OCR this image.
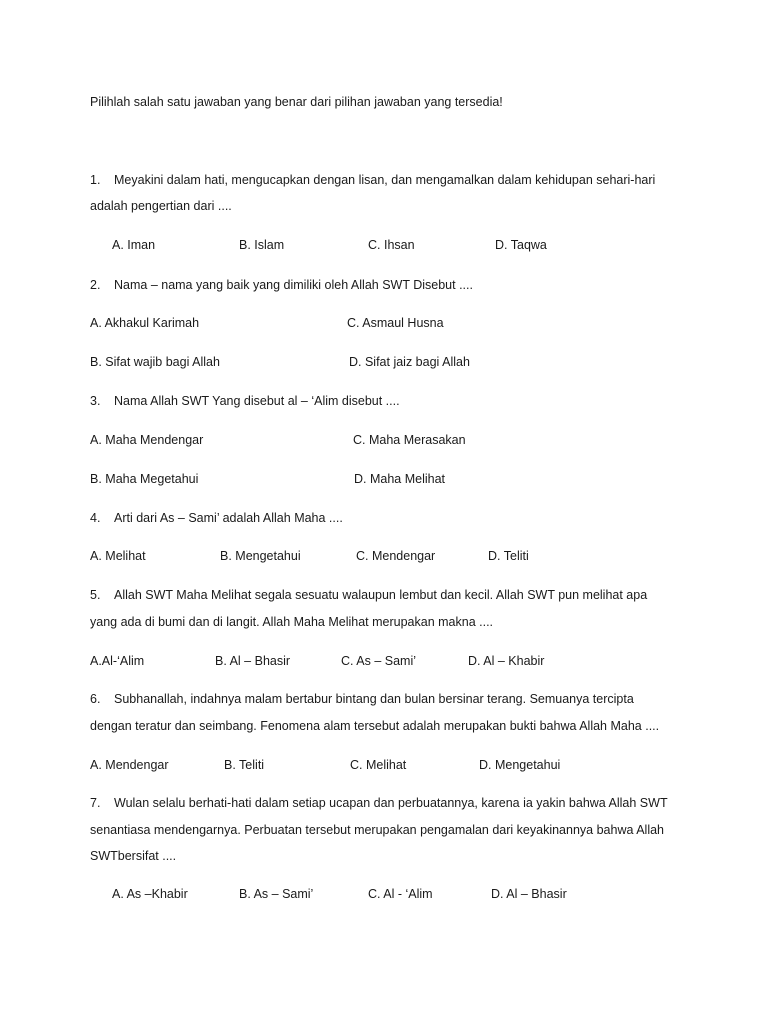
Pilihlah salah satu jawaban yang benar dari pilihan jawaban yang tersedia!
1. Meyakini dalam hati, mengucapkan dengan lisan, dan mengamalkan dalam kehidupan sehari-hari
adalah pengertian dari ....
A. Iman	B. Islam	C. Ihsan	D. Taqwa
2. Nama – nama yang baik yang dimiliki oleh Allah SWT Disebut ....
A. Akhakul Karimah	C. Asmaul Husna
B. Sifat wajib bagi Allah	D. Sifat jaiz bagi Allah
3. Nama Allah SWT Yang disebut al – ‘Alim disebut ....
A. Maha Mendengar	C. Maha Merasakan
B. Maha Megetahui	D. Maha Melihat
4. Arti dari As – Sami’ adalah Allah Maha ....
A. Melihat	B. Mengetahui	C. Mendengar	D. Teliti
5. Allah SWT Maha Melihat segala sesuatu walaupun lembut dan kecil. Allah SWT pun melihat apa
yang ada di bumi dan di langit. Allah Maha Melihat merupakan makna ....
A.Al-‘Alim	B. Al – Bhasir	C. As – Sami’	D. Al – Khabir
6. Subhanallah, indahnya malam bertabur bintang dan bulan bersinar terang. Semuanya tercipta
dengan teratur dan seimbang. Fenomena alam tersebut adalah merupakan bukti bahwa Allah Maha ....
A. Mendengar	B. Teliti	C. Melihat	D. Mengetahui
7. Wulan selalu berhati-hati dalam setiap ucapan dan perbuatannya, karena ia yakin bahwa Allah SWT
senantiasa mendengarnya. Perbuatan tersebut merupakan pengamalan dari keyakinannya bahwa Allah
SWTbersifat ....
A. As –Khabir	B. As – Sami’	C. Al - ‘Alim	D. Al – Bhasir
